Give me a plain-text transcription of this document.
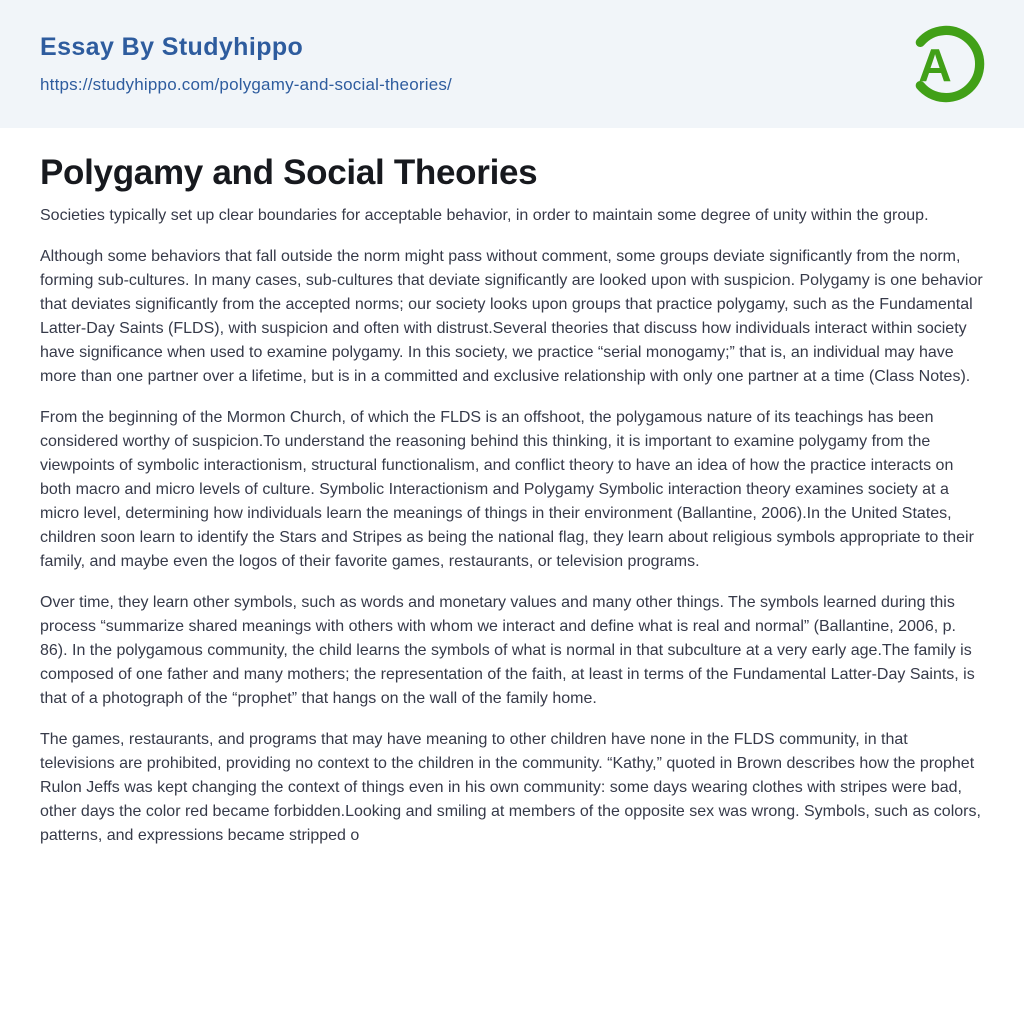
Essay By Studyhippo
https://studyhippo.com/polygamy-and-social-theories/	A
Polygamy and Social Theories

Societies typically set up clear boundaries for acceptable behavior, in order to maintain some degree of unity within the group.

Although some behaviors that fall outside the norm might pass without comment, some groups deviate significantly from the norm, forming sub-cultures. In many cases, sub-cultures that deviate significantly are looked upon with suspicion. Polygamy is one behavior that deviates significantly from the accepted norms; our society looks upon groups that practice polygamy, such as the Fundamental Latter-Day Saints (FLDS), with suspicion and often with distrust.Several theories that discuss how individuals interact within society have significance when used to examine polygamy. In this society, we practice “serial monogamy;” that is, an individual may have more than one partner over a lifetime, but is in a committed and exclusive relationship with only one partner at a time (Class Notes).

From the beginning of the Mormon Church, of which the FLDS is an offshoot, the polygamous nature of its teachings has been considered worthy of suspicion.To understand the reasoning behind this thinking, it is important to examine polygamy from the viewpoints of symbolic interactionism, structural functionalism, and conflict theory to have an idea of how the practice interacts on both macro and micro levels of culture. Symbolic Interactionism and Polygamy Symbolic interaction theory examines society at a micro level, determining how individuals learn the meanings of things in their environment (Ballantine, 2006).In the United States, children soon learn to identify the Stars and Stripes as being the national flag, they learn about religious symbols appropriate to their family, and maybe even the logos of their favorite games, restaurants, or television programs.

Over time, they learn other symbols, such as words and monetary values and many other things. The symbols learned during this process “summarize shared meanings with others with whom we interact and define what is real and normal” (Ballantine, 2006, p. 86). In the polygamous community, the child learns the symbols of what is normal in that subculture at a very early age.The family is composed of one father and many mothers; the representation of the faith, at least in terms of the Fundamental Latter-Day Saints, is that of a photograph of the “prophet” that hangs on the wall of the family home.

The games, restaurants, and programs that may have meaning to other children have none in the FLDS community, in that televisions are prohibited, providing no context to the children in the community. “Kathy,” quoted in Brown describes how the prophet Rulon Jeffs was kept changing the context of things even in his own community: some days wearing clothes with stripes were bad, other days the color red became forbidden.Looking and smiling at members of the opposite sex was wrong. Symbols, such as colors, patterns, and expressions became stripped o
